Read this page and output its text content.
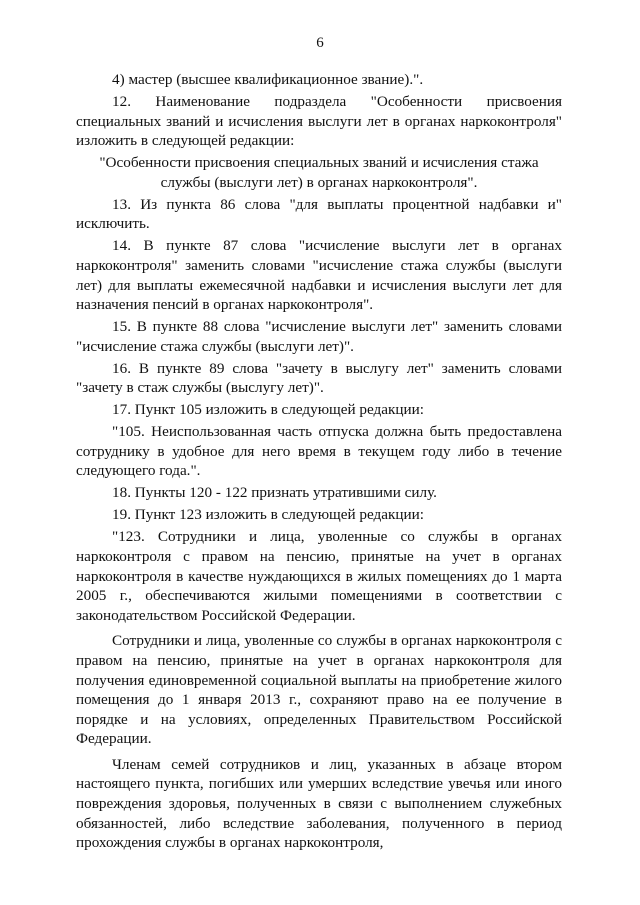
6

4) мастер (высшее квалификационное звание).".

12. Наименование подраздела "Особенности присвоения специальных званий и исчисления выслуги лет в органах наркоконтроля" изложить в следующей редакции:

"Особенности присвоения специальных званий и исчисления стажа службы (выслуги лет) в органах наркоконтроля".

13. Из пункта 86 слова "для выплаты процентной надбавки и" исключить.

14. В пункте 87 слова "исчисление выслуги лет в органах наркоконтроля" заменить словами "исчисление стажа службы (выслуги лет) для выплаты ежемесячной надбавки и исчисления выслуги лет для назначения пенсий в органах наркоконтроля".

15. В пункте 88 слова "исчисление выслуги лет" заменить словами "исчисление стажа службы (выслуги лет)".

16. В пункте 89 слова "зачету в выслугу лет" заменить словами "зачету в стаж службы (выслугу лет)".

17. Пункт 105 изложить в следующей редакции:

"105. Неиспользованная часть отпуска должна быть предоставлена сотруднику в удобное для него время в текущем году либо в течение следующего года.".

18. Пункты 120 - 122 признать утратившими силу.

19. Пункт 123 изложить в следующей редакции:

"123. Сотрудники и лица, уволенные со службы в органах наркоконтроля с правом на пенсию, принятые на учет в органах наркоконтроля в качестве нуждающихся в жилых помещениях до 1 марта 2005 г., обеспечиваются жилыми помещениями в соответствии с законодательством Российской Федерации.

Сотрудники и лица, уволенные со службы в органах наркоконтроля с правом на пенсию, принятые на учет в органах наркоконтроля для получения единовременной социальной выплаты на приобретение жилого помещения до 1 января 2013 г., сохраняют право на ее получение в порядке и на условиях, определенных Правительством Российской Федерации.

Членам семей сотрудников и лиц, указанных в абзаце втором настоящего пункта, погибших или умерших вследствие увечья или иного повреждения здоровья, полученных в связи с выполнением служебных обязанностей, либо вследствие заболевания, полученного в период прохождения службы в органах наркоконтроля,
